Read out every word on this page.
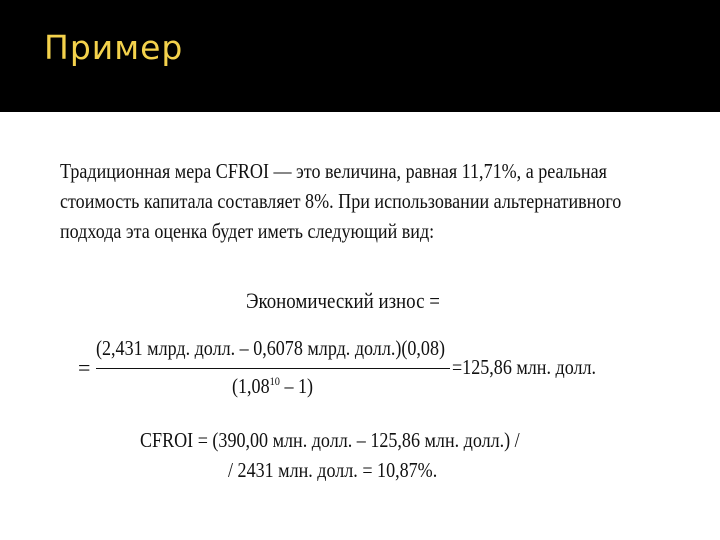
Пример
Традиционная мера CFROI — это величина, равная 11,71%, а реальная
стоимость капитала составляет 8%. При использовании альтернативного
подхода эта оценка будет иметь следующий вид:
Экономический износ =
=
(2,431 млрд. долл. – 0,6078 млрд. долл.)(0,08)
(1,08$^{10}$ – 1)
=125,86 млн. долл.
CFROI = (390,00 млн. долл. – 125,86 млн. долл.) /
/ 2431 млн. долл. = 10,87%.
